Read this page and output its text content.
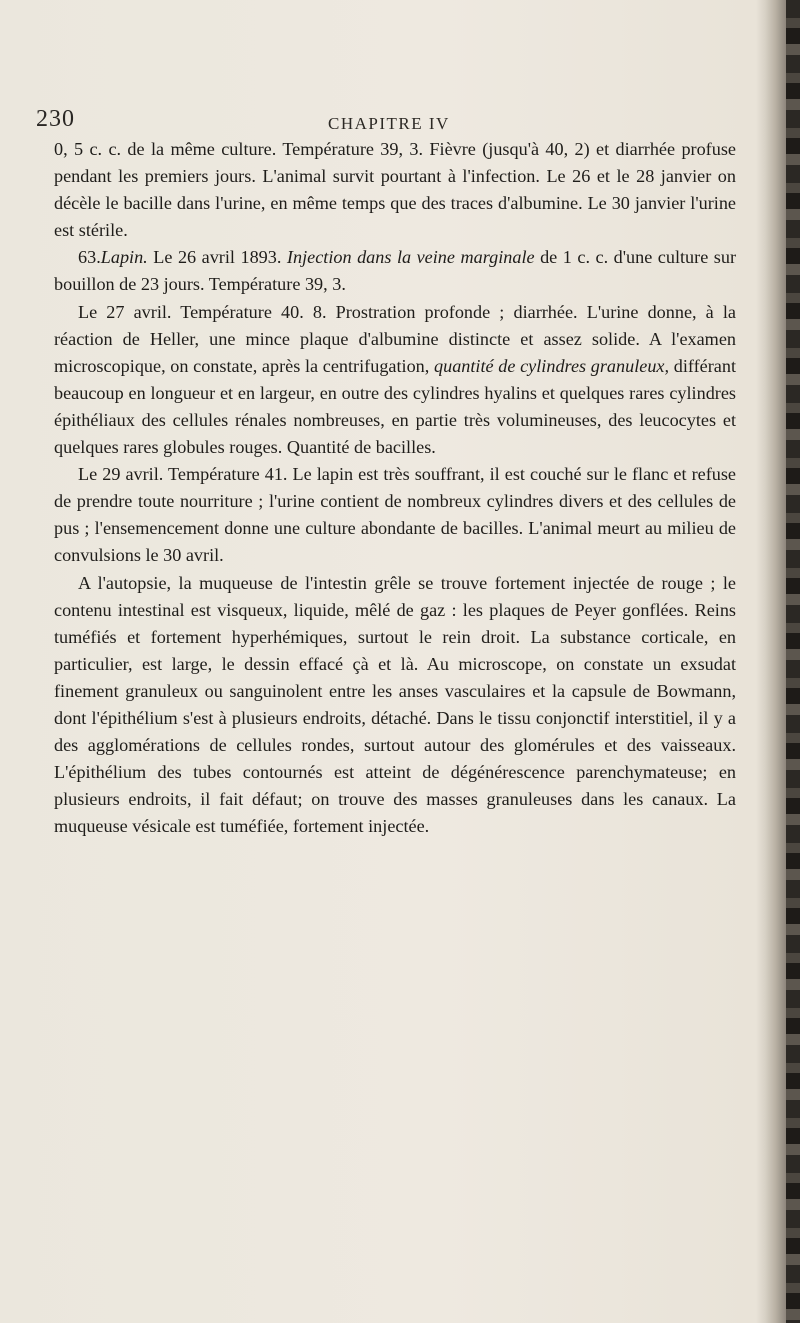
230	CHAPITRE IV

0, 5 c. c. de la même culture. Température 39, 3. Fièvre (jusqu'à 40, 2) et diarrhée profuse pendant les premiers jours. L'animal survit pourtant à l'infection. Le 26 et le 28 janvier on décèle le bacille dans l'urine, en même temps que des traces d'albumine. Le 30 janvier l'urine est stérile.

63.Lapin. Le 26 avril 1893. Injection dans la veine marginale de 1 c. c. d'une culture sur bouillon de 23 jours. Température 39, 3.

Le 27 avril. Température 40. 8. Prostration profonde ; diarrhée. L'urine donne, à la réaction de Heller, une mince plaque d'albumine distincte et assez solide. A l'examen microscopique, on constate, après la centrifugation, quantité de cylindres granuleux, différant beaucoup en longueur et en largeur, en outre des cylindres hyalins et quelques rares cylindres épithéliaux des cellules rénales nombreuses, en partie très volumineuses, des leucocytes et quelques rares globules rouges. Quantité de bacilles.

Le 29 avril. Température 41. Le lapin est très souffrant, il est couché sur le flanc et refuse de prendre toute nourriture ; l'urine contient de nombreux cylindres divers et des cellules de pus ; l'ensemencement donne une culture abondante de bacilles. L'animal meurt au milieu de convulsions le 30 avril.

A l'autopsie, la muqueuse de l'intestin grêle se trouve fortement injectée de rouge ; le contenu intestinal est visqueux, liquide, mêlé de gaz : les plaques de Peyer gonflées. Reins tuméfiés et fortement hyperhémiques, surtout le rein droit. La substance corticale, en particulier, est large, le dessin effacé çà et là. Au microscope, on constate un exsudat finement granuleux ou sanguinolent entre les anses vasculaires et la capsule de Bowmann, dont l'épithélium s'est à plusieurs endroits, détaché. Dans le tissu conjonctif interstitiel, il y a des agglomérations de cellules rondes, surtout autour des glomérules et des vaisseaux. L'épithélium des tubes contournés est atteint de dégénérescence parenchymateuse; en plusieurs endroits, il fait défaut; on trouve des masses granuleuses dans les canaux. La muqueuse vésicale est tuméfiée, fortement injectée.
